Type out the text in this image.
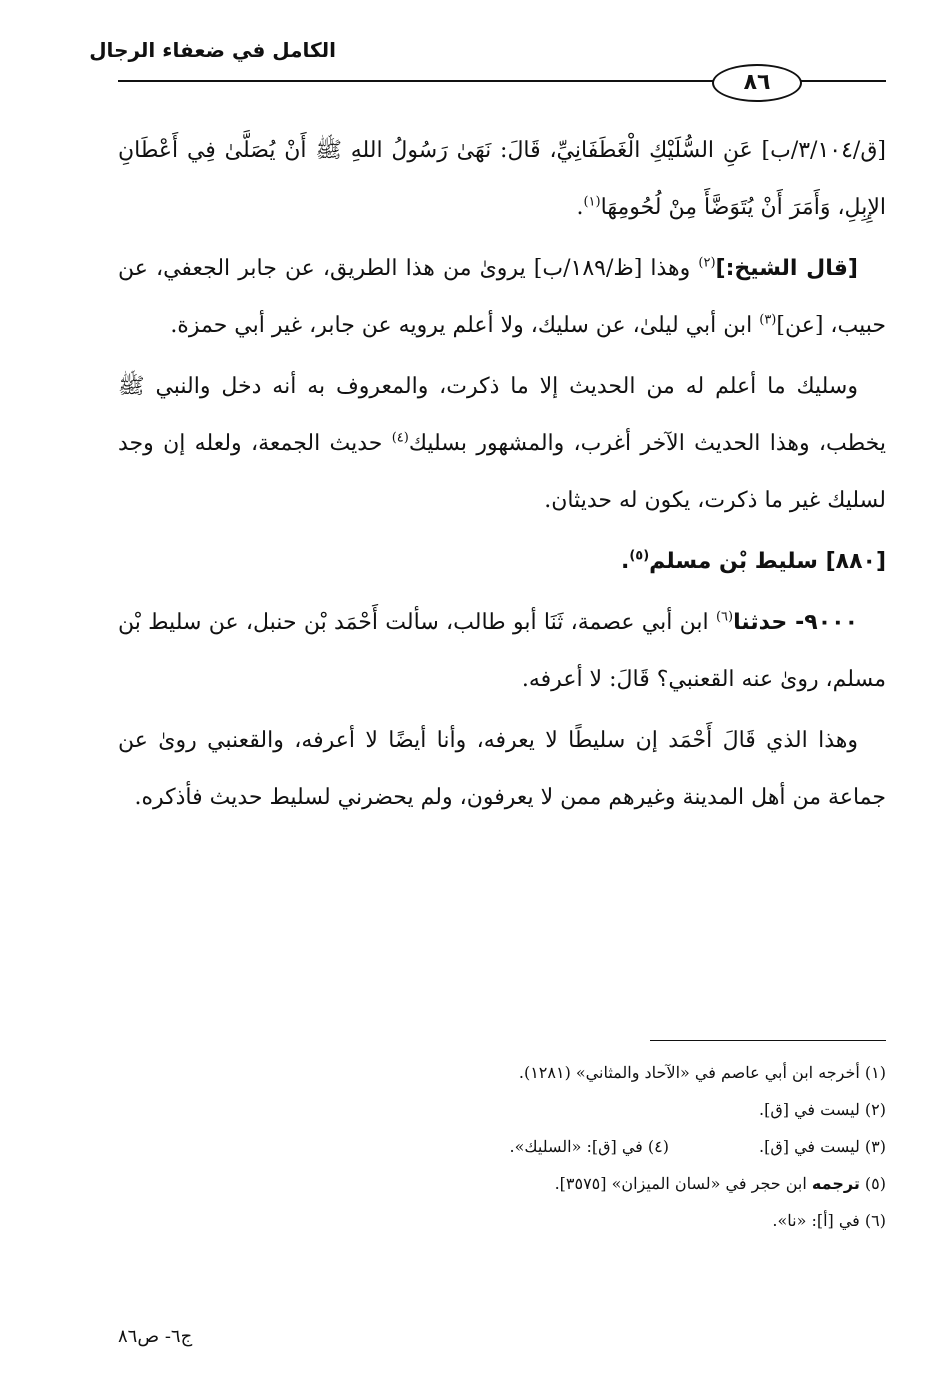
الكامل في ضعفاء الرجال
٨٦

[ق/٣/١٠٤/ب] عَنِ السُّلَيْكِ الْغَطَفَانِيِّ، قَالَ: نَهَىٰ رَسُولُ اللهِ ﷺ أَنْ يُصَلَّىٰ فِي أَعْطَانِ الإِبِلِ، وَأَمَرَ أَنْ يُتَوَضَّأَ مِنْ لُحُومِهَا$^{(١)}$.

[قال الشيخ:]$^{(٢)}$ وهذا [ظ/١٨٩/ب] يروىٰ من هذا الطريق، عن جابر الجعفي، عن حبيب، [عن]$^{(٣)}$ ابن أبي ليلىٰ، عن سليك، ولا أعلم يرويه عن جابر، غير أبي حمزة.

وسليك ما أعلم له من الحديث إلا ما ذكرت، والمعروف به أنه دخل والنبي ﷺ يخطب، وهذا الحديث الآخر أغرب، والمشهور بسليك$^{(٤)}$ حديث الجمعة، ولعله إن وجد لسليك غير ما ذكرت، يكون له حديثان.

[٨٨٠] سليط بْن مسلم$^{(٥)}$.

٩٠٠٠- حدثنا$^{(٦)}$ ابن أبي عصمة، ثَنَا أبو طالب، سألت أَحْمَد بْن حنبل، عن سليط بْن مسلم، روىٰ عنه القعنبي؟ قَالَ: لا أعرفه.

وهذا الذي قَالَ أَحْمَد إن سليطًا لا يعرفه، وأنا أيضًا لا أعرفه، والقعنبي روىٰ عن جماعة من أهل المدينة وغيرهم ممن لا يعرفون، ولم يحضرني لسليط حديث فأذكره.

(١) أخرجه ابن أبي عاصم في «الآحاد والمثاني» (١٢٨١).
(٢) ليست في [ق].
(٣) ليست في [ق].(٤) في [ق]: «السليك».
(٥) ترجمه ابن حجر في «لسان الميزان» [٣٥٧٥].
(٦) في [أ]: «نا».
ج٦- ص٨٦
